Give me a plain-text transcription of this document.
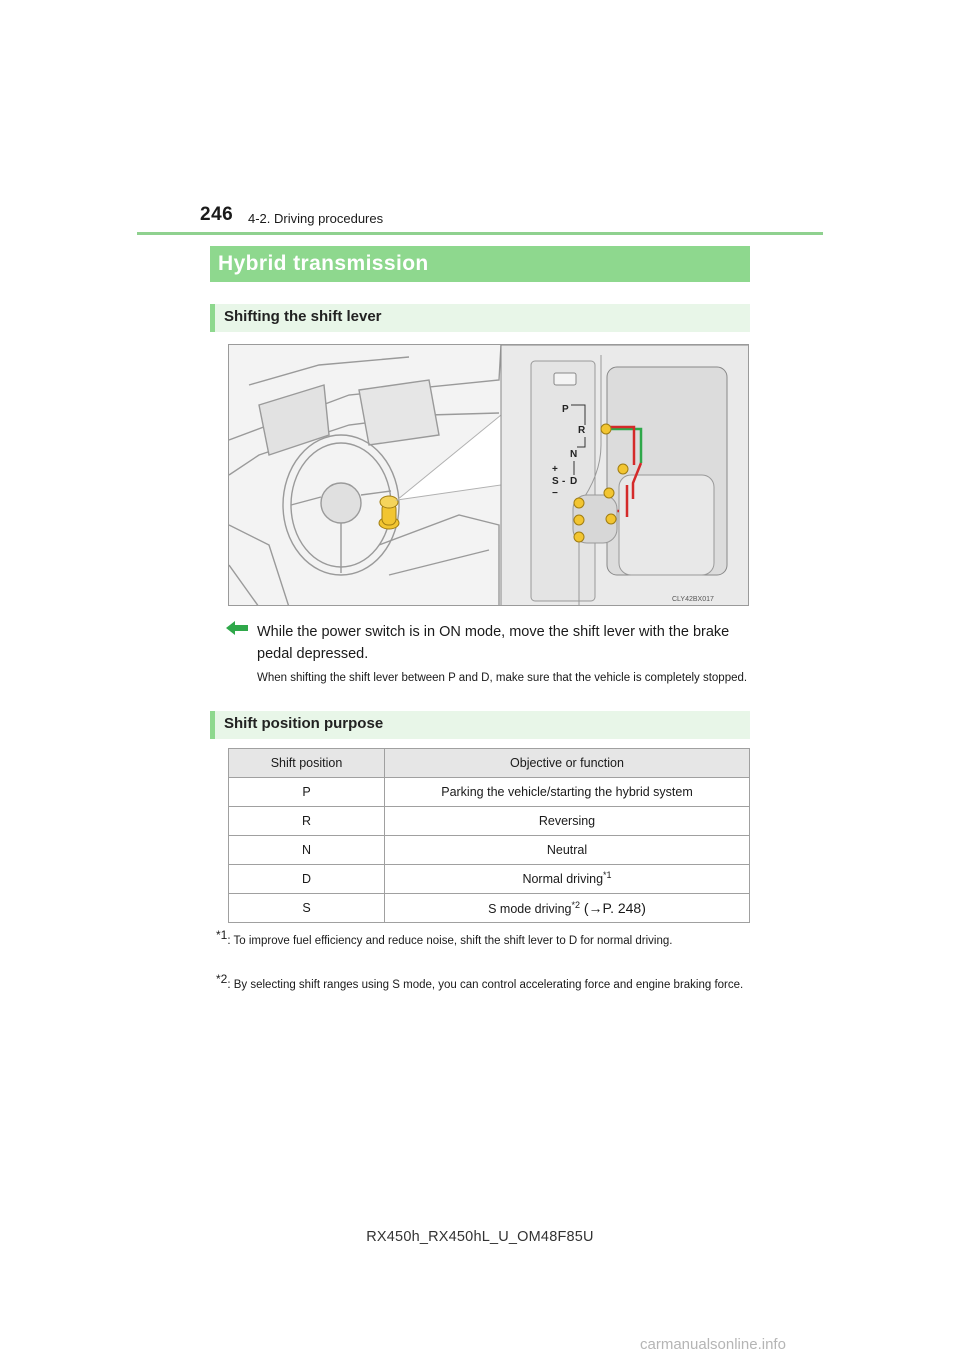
246 4-2. Driving procedures
Hybrid transmission
Shifting the shift lever
P
R
N
+
S - D
−
CLY42BX017
While the power switch is in ON mode, move the shift lever with the brake pedal depressed.
When shifting the shift lever between P and D, make sure that the vehicle is completely stopped.
Shift position purpose
Shift position	Objective or function
P	Parking the vehicle/starting the hybrid system
R	Reversing
N	Neutral
D	Normal driving$^{*1}$
S	S mode driving$^{*2}$ (→P. 248)
$^{*1}$: To improve fuel efficiency and reduce noise, shift the shift lever to D for normal driving.
$^{*2}$: By selecting shift ranges using S mode, you can control accelerating force and engine braking force.
RX450h_RX450hL_U_OM48F85U
carmanualsonline.info
